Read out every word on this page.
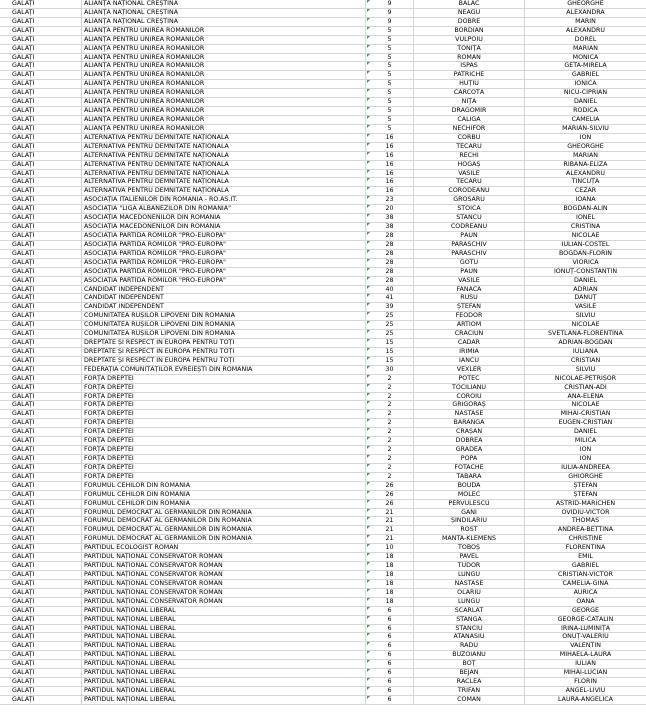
GALAȚI	ALIANȚA NAȚIONAL CREȘTINĂ	9	BALĂC	GHEORGHE
GALAȚI	ALIANȚA NAȚIONAL CREȘTINĂ	9	NEAGU	ALEXANDRA
GALAȚI	ALIANȚA NAȚIONAL CREȘTINĂ	9	DOBRE	MARIN
GALAȚI	ALIANȚA PENTRU UNIREA ROMÂNILOR	5	BORDIAN	ALEXANDRU
GALAȚI	ALIANȚA PENTRU UNIREA ROMÂNILOR	5	VULPOIU	DOREL
GALAȚI	ALIANȚA PENTRU UNIREA ROMÂNILOR	5	TONIȚĂ	MARIAN
GALAȚI	ALIANȚA PENTRU UNIREA ROMÂNILOR	5	ROMAN	MONICA
GALAȚI	ALIANȚA PENTRU UNIREA ROMÂNILOR	5	ISPAS	GETA-MIRELA
GALAȚI	ALIANȚA PENTRU UNIREA ROMÂNILOR	5	PATRICHE	GABRIEL
GALAȚI	ALIANȚA PENTRU UNIREA ROMÂNILOR	5	HUȚIU	IONICA
GALAȚI	ALIANȚA PENTRU UNIREA ROMÂNILOR	5	CĂRCOTĂ	NICU-CIPRIAN
GALAȚI	ALIANȚA PENTRU UNIREA ROMÂNILOR	5	NIȚĂ	DANIEL
GALAȚI	ALIANȚA PENTRU UNIREA ROMÂNILOR	5	DRAGOMIR	RODICA
GALAȚI	ALIANȚA PENTRU UNIREA ROMÂNILOR	5	CALIGA	CAMELIA
GALAȚI	ALIANȚA PENTRU UNIREA ROMÂNILOR	5	NECHIFOR	MARIAN-SILVIU
GALAȚI	ALTERNATIVA PENTRU DEMNITATE NAȚIONALĂ	16	CORBU	ION
GALAȚI	ALTERNATIVA PENTRU DEMNITATE NAȚIONALĂ	16	TECARU	GHEORGHE
GALAȚI	ALTERNATIVA PENTRU DEMNITATE NAȚIONALĂ	16	RECHI	MARIAN
GALAȚI	ALTERNATIVA PENTRU DEMNITATE NAȚIONALĂ	16	HOGAȘ	RIBANA-ELIZA
GALAȚI	ALTERNATIVA PENTRU DEMNITATE NAȚIONALĂ	16	VASILE	ALEXANDRU
GALAȚI	ALTERNATIVA PENTRU DEMNITATE NAȚIONALĂ	16	TECARU	TINCUȚA
GALAȚI	ALTERNATIVA PENTRU DEMNITATE NAȚIONALĂ	16	CORODEANU	CEZAR
GALAȚI	ASOCIAȚIA ITALIENILOR DIN ROMÂNIA - RO.AS.IT.	23	GROSARU	IOANA
GALAȚI	ASOCIAȚIA "LIGA ALBANEZILOR DIN ROMÂNIA"	20	STOICA	BOGDAN-ALIN
GALAȚI	ASOCIAȚIA MACEDONENILOR DIN ROMÂNIA	38	STANCU	IONEL
GALAȚI	ASOCIAȚIA MACEDONENILOR DIN ROMÂNIA	38	CODREANU	CRISTINA
GALAȚI	ASOCIAȚIA PARTIDA ROMILOR "PRO-EUROPA"	28	PĂUN	NICOLAE
GALAȚI	ASOCIAȚIA PARTIDA ROMILOR "PRO-EUROPA"	28	PARASCHIV	IULIAN-COSTEL
GALAȚI	ASOCIAȚIA PARTIDA ROMILOR "PRO-EUROPA"	28	PARASCHIV	BOGDAN-FLORIN
GALAȚI	ASOCIAȚIA PARTIDA ROMILOR "PRO-EUROPA"	28	GOTU	VIORICA
GALAȚI	ASOCIAȚIA PARTIDA ROMILOR "PRO-EUROPA"	28	PĂUN	IONUȚ-CONSTANTIN
GALAȚI	ASOCIAȚIA PARTIDA ROMILOR "PRO-EUROPA"	28	VASILE	DANIEL
GALAȚI	CANDIDAT INDEPENDENT	40	FANACA	ADRIAN
GALAȚI	CANDIDAT INDEPENDENT	41	RUSU	DĂNUȚ
GALAȚI	CANDIDAT INDEPENDENT	39	ȘTEFAN	VASILE
GALAȚI	COMUNITATEA RUȘILOR LIPOVENI DIN ROMÂNIA	25	FEODOR	SILVIU
GALAȚI	COMUNITATEA RUȘILOR LIPOVENI DIN ROMÂNIA	25	ARTIOM	NICOLAE
GALAȚI	COMUNITATEA RUȘILOR LIPOVENI DIN ROMÂNIA	25	CRĂCIUN	SVETLANA-FLORENTINA
GALAȚI	DREPTATE ȘI RESPECT ÎN EUROPA PENTRU TOȚI	15	CADĂR	ADRIAN-BOGDAN
GALAȚI	DREPTATE ȘI RESPECT ÎN EUROPA PENTRU TOȚI	15	IRIMIA	IULIANA
GALAȚI	DREPTATE ȘI RESPECT ÎN EUROPA PENTRU TOȚI	15	IANCU	CRISTIAN
GALAȚI	FEDERAȚIA COMUNITĂȚILOR EVREIEȘTI DIN ROMÂNIA	30	VEXLER	SILVIU
GALAȚI	FORȚA DREPTEI	2	POTEC	NICOLAE-PETRIȘOR
GALAȚI	FORȚA DREPTEI	2	TOCILIANU	CRISTIAN-ADI
GALAȚI	FORȚA DREPTEI	2	COROIU	ANA-ELENA
GALAȚI	FORȚA DREPTEI	2	GRIGORAȘ	NICOLAE
GALAȚI	FORȚA DREPTEI	2	NĂSTASE	MIHAI-CRISTIAN
GALAȚI	FORȚA DREPTEI	2	BARANGA	EUGEN-CRISTIAN
GALAȚI	FORȚA DREPTEI	2	CRĂȘAN	DANIEL
GALAȚI	FORȚA DREPTEI	2	DOBREA	MILICĂ
GALAȚI	FORȚA DREPTEI	2	GRADEA	ION
GALAȚI	FORȚA DREPTEI	2	POPA	ION
GALAȚI	FORȚA DREPTEI	2	FOTACHE	IULIA-ANDREEA
GALAȚI	FORȚA DREPTEI	2	TABĂRĂ	GHIORGHE
GALAȚI	FORUMUL CEHILOR DIN ROMÂNIA	26	BOUDA	ȘTEFAN
GALAȚI	FORUMUL CEHILOR DIN ROMÂNIA	26	MOLEC	ȘTEFAN
GALAȚI	FORUMUL CEHILOR DIN ROMÂNIA	26	PERVULESCU	ASTRID-MARICHEN
GALAȚI	FORUMUL DEMOCRAT AL GERMANILOR DIN ROMÂNIA	21	GANI	OVIDIU-VICTOR
GALAȚI	FORUMUL DEMOCRAT AL GERMANILOR DIN ROMÂNIA	21	ȘINDILARIU	THOMAS
GALAȚI	FORUMUL DEMOCRAT AL GERMANILOR DIN ROMÂNIA	21	ROST	ANDREA-BETTINA
GALAȚI	FORUMUL DEMOCRAT AL GERMANILOR DIN ROMÂNIA	21	MANTA-KLEMENS	CHRISTINE
GALAȚI	PARTIDUL ECOLOGIST ROMÂN	10	TOBOȘ	FLORENTINA
GALAȚI	PARTIDUL NAȚIONAL CONSERVATOR ROMÂN	18	PAVEL	EMIL
GALAȚI	PARTIDUL NAȚIONAL CONSERVATOR ROMÂN	18	TUDOR	GABRIEL
GALAȚI	PARTIDUL NAȚIONAL CONSERVATOR ROMÂN	18	LUNGU	CRISTIAN-VICTOR
GALAȚI	PARTIDUL NAȚIONAL CONSERVATOR ROMÂN	18	NĂSTASE	CAMELIA-GINA
GALAȚI	PARTIDUL NAȚIONAL CONSERVATOR ROMÂN	18	OLARIU	AURICA
GALAȚI	PARTIDUL NAȚIONAL CONSERVATOR ROMÂN	18	LUNGU	OANA
GALAȚI	PARTIDUL NAȚIONAL LIBERAL	6	SCARLAT	GEORGE
GALAȚI	PARTIDUL NAȚIONAL LIBERAL	6	STÂNGĂ	GEORGE-CĂTĂLIN
GALAȚI	PARTIDUL NAȚIONAL LIBERAL	6	STANCIU	IRINA-LUMINIȚA
GALAȚI	PARTIDUL NAȚIONAL LIBERAL	6	ATANASIU	ONUȚ-VALERIU
GALAȚI	PARTIDUL NAȚIONAL LIBERAL	6	RADU	VALENTIN
GALAȚI	PARTIDUL NAȚIONAL LIBERAL	6	BUZOIANU	MIHAELA-LAURA
GALAȚI	PARTIDUL NAȚIONAL LIBERAL	6	BOȚ	IULIAN
GALAȚI	PARTIDUL NAȚIONAL LIBERAL	6	BEJAN	MIHAI-LUCIAN
GALAȚI	PARTIDUL NAȚIONAL LIBERAL	6	RĂCLEA	FLORIN
GALAȚI	PARTIDUL NAȚIONAL LIBERAL	6	TRIFAN	ANGEL-LIVIU
GALAȚI	PARTIDUL NAȚIONAL LIBERAL	6	COMAN	LAURA-ANGELICA
